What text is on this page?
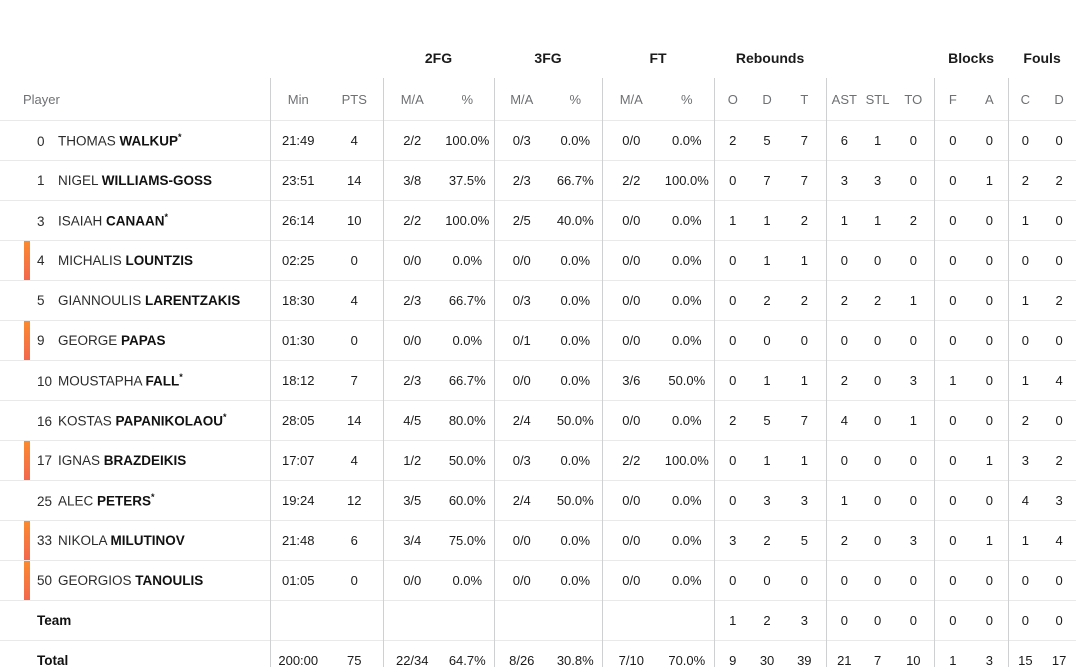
			2FG		3FG		FT		Rebounds						Blocks		Fouls	
Player	Min	PTS	M/A	%	M/A	%	M/A	%	O	D	T	AST	STL	TO	F	A	C	D
0 THOMAS WALKUP*	21:49	4	2/2	100.0%	0/3	0.0%	0/0	0.0%	2	5	7	6	1	0	0	0	0	0
1 NIGEL WILLIAMS-GOSS	23:51	14	3/8	37.5%	2/3	66.7%	2/2	100.0%	0	7	7	3	3	0	0	1	2	2
3 ISAIAH CANAAN*	26:14	10	2/2	100.0%	2/5	40.0%	0/0	0.0%	1	1	2	1	1	2	0	0	1	0

4 MICHALIS LOUNTZIS	02:25	0	0/0	0.0%	0/0	0.0%	0/0	0.0%	0	1	1	0	0	0	0	0	0	0
5 GIANNOULIS LARENTZAKIS	18:30	4	2/3	66.7%	0/3	0.0%	0/0	0.0%	0	2	2	2	2	1	0	0	1	2

9 GEORGE PAPAS	01:30	0	0/0	0.0%	0/1	0.0%	0/0	0.0%	0	0	0	0	0	0	0	0	0	0
10 MOUSTAPHA FALL*	18:12	7	2/3	66.7%	0/0	0.0%	3/6	50.0%	0	1	1	2	0	3	1	0	1	4
16 KOSTAS PAPANIKOLAOU*	28:05	14	4/5	80.0%	2/4	50.0%	0/0	0.0%	2	5	7	4	0	1	0	0	2	0

17 IGNAS BRAZDEIKIS	17:07	4	1/2	50.0%	0/3	0.0%	2/2	100.0%	0	1	1	0	0	0	0	1	3	2
25 ALEC PETERS*	19:24	12	3/5	60.0%	2/4	50.0%	0/0	0.0%	0	3	3	1	0	0	0	0	4	3

33 NIKOLA MILUTINOV	21:48	6	3/4	75.0%	0/0	0.0%	0/0	0.0%	3	2	5	2	0	3	0	1	1	4

50 GEORGIOS TANOULIS	01:05	0	0/0	0.0%	0/0	0.0%	0/0	0.0%	0	0	0	0	0	0	0	0	0	0
Team									1	2	3	0	0	0	0	0	0	0
Total	200:00	75	22/34	64.7%	8/26	30.8%	7/10	70.0%	9	30	39	21	7	10	1	3	15	17
